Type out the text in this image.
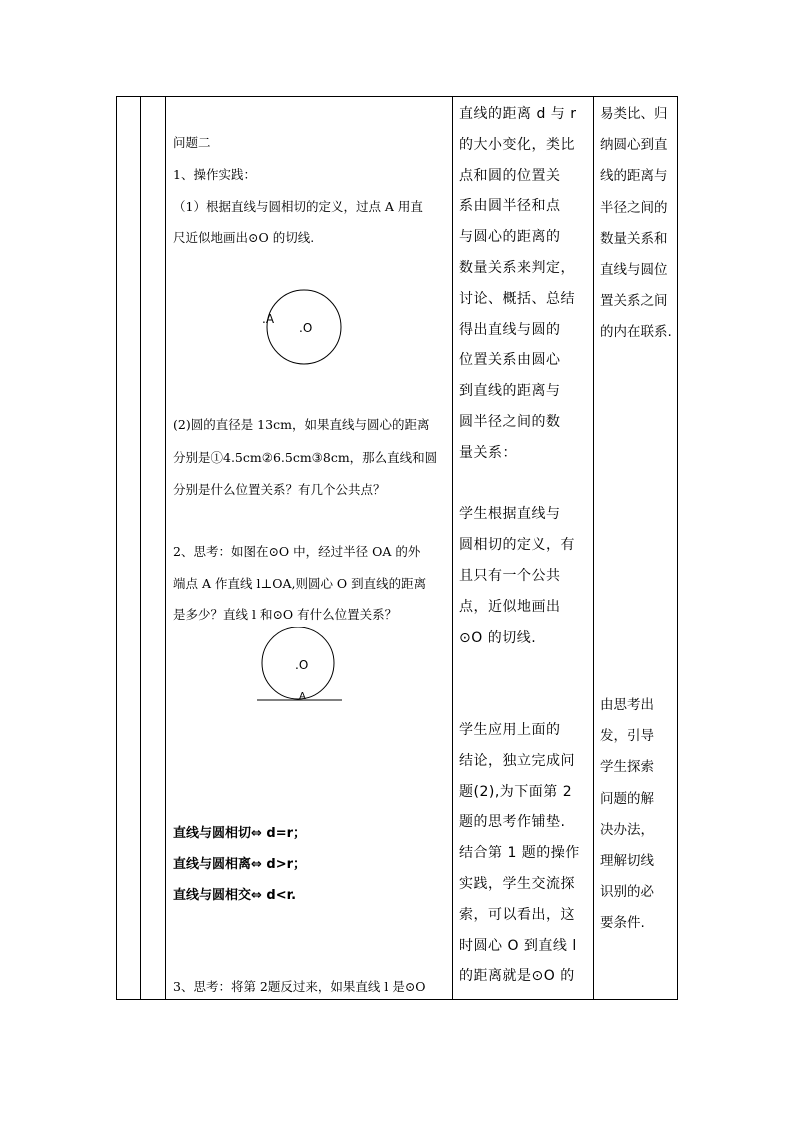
问题二
1、操作实践：
（1）根据直线与圆相切的定义，过点 A 用直
尺近似地画出⊙O 的切线.
.A
.O
(2)圆的直径是 13cm，如果直线与圆心的距离
分别是①4.5cm②6.5cm③8cm，那么直线和圆
分别是什么位置关系？有几个公共点？
2、思考：如图在⊙O 中，经过半径 OA 的外
端点 A 作直线 l⊥OA,则圆心 O 到直线的距离
是多少？直线 l 和⊙O 有什么位置关系？
.O
A
直线与圆相切⇔ d=r；
直线与圆相离⇔ d>r；
直线与圆相交⇔ d<r.
3、思考：将第 2题反过来，如果直线 l 是⊙O
直线的距离 d 与 r
的大小变化，类比
点和圆的位置关
系由圆半径和点
与圆心的距离的
数量关系来判定，
讨论、概括、总结
得出直线与圆的
位置关系由圆心
到直线的距离与
圆半径之间的数
量关系：
学生根据直线与
圆相切的定义，有
且只有一个公共
点，近似地画出
⊙O 的切线.
学生应用上面的
结论，独立完成问
题(2),为下面第 2
题的思考作铺垫.
结合第 1 题的操作
实践，学生交流探
索，可以看出，这
时圆心 O 到直线 l
的距离就是⊙O 的
易类比、归
纳圆心到直
线的距离与
半径之间的
数量关系和
直线与圆位
置关系之间
的内在联系.
由思考出
发，引导
学生探索
问题的解
决办法，
理解切线
识别的必
要条件.
